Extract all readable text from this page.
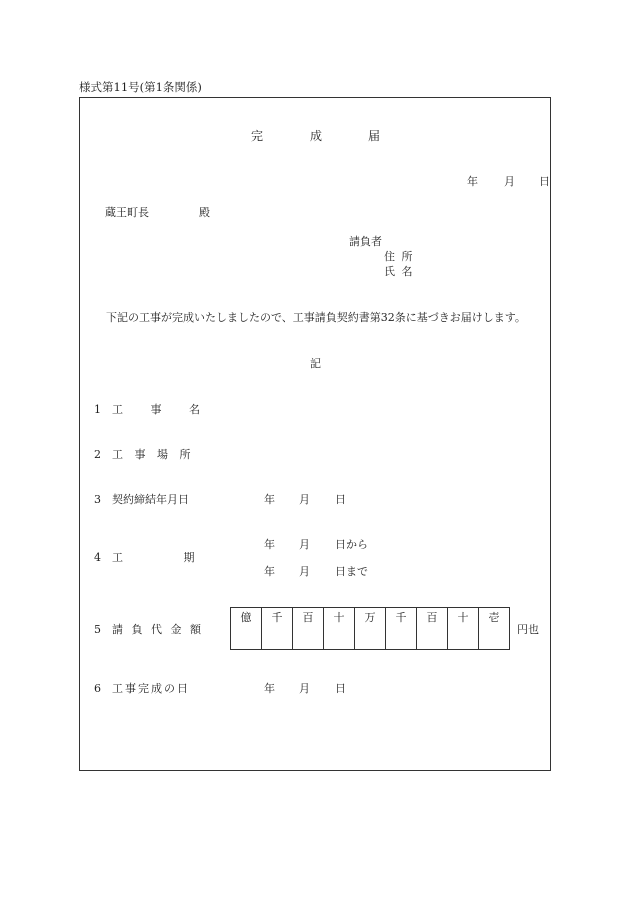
様式第11号(第1条関係)
完	成	届
年 月 日
蔵王町長	殿
請負者
住 所
氏 名
下記の工事が完成いたしましたので、工事請負契約書第32条に基づきお届けします。
記
1 工 事 名
2 工 事 場 所
3 契約締結年月日	年 月 日
4 工 期
年 月 日から
年 月 日まで
5 請 負 代 金 額
億	千	百	十	万	千	百	十	壱
円也
6 工事完成の日	年 月 日
